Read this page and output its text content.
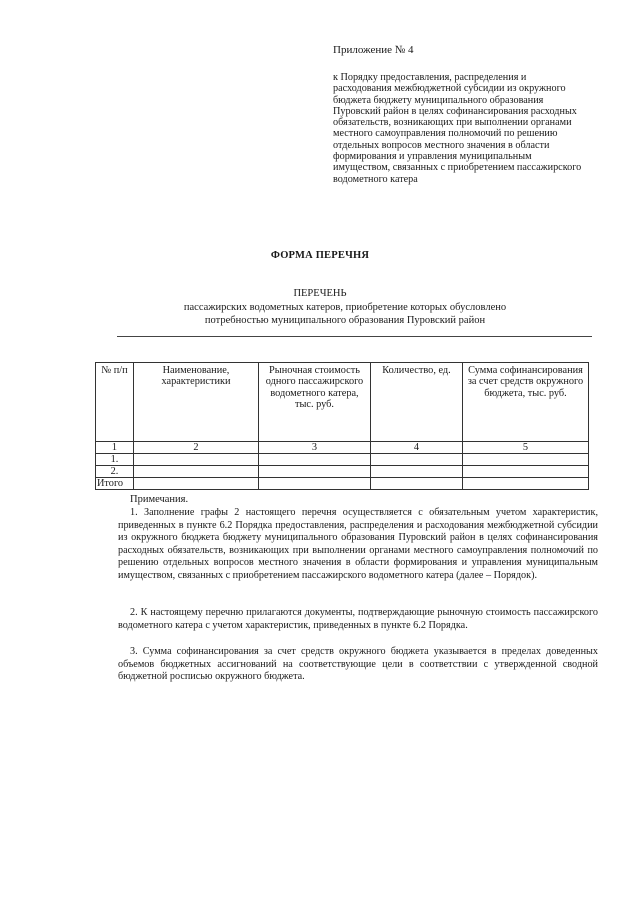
Приложение № 4
к Порядку предоставления, распределения и расходования межбюджетной субсидии из окружного бюджета бюджету муниципального образования Пуровский район в целях софинансирования расходных обязательств, возникающих при выполнении органами местного самоуправления полномочий по решению отдельных вопросов местного значения в области формирования и управления муниципальным имуществом, связанных с приобретением пассажирского водометного катера
ФОРМА ПЕРЕЧНЯ
ПЕРЕЧЕНЬ
пассажирских водометных катеров, приобретение которых обусловлено
потребностью муниципального образования Пуровский район
№ п/п	Наименование, характеристики	Рыночная стоимость одного пассажирского водометного катера, тыс. руб.	Количество, ед.	Сумма софинансирования за счет средств окружного бюджета, тыс. руб.
1	2	3	4	5
1.				
2.				
Итого				
Примечания.
1. Заполнение графы 2 настоящего перечня осуществляется с обязательным учетом характеристик, приведенных в пункте 6.2 Порядка предоставления, распределения и расходования межбюджетной субсидии из окружного бюджета бюджету муниципального образования Пуровский район в целях софинансирования расходных обязательств, возникающих при выполнении органами местного самоуправления полномочий по решению отдельных вопросов местного значения в области формирования и управления муниципальным имуществом, связанных с приобретением пассажирского водометного катера (далее – Порядок).
2. К настоящему перечню прилагаются документы, подтверждающие рыночную стоимость пассажирского водометного катера с учетом характеристик, приведенных в пункте 6.2 Порядка.
3. Сумма софинансирования за счет средств окружного бюджета указывается в пределах доведенных объемов бюджетных ассигнований на соответствующие цели в соответствии с утвержденной сводной бюджетной росписью окружного бюджета.
